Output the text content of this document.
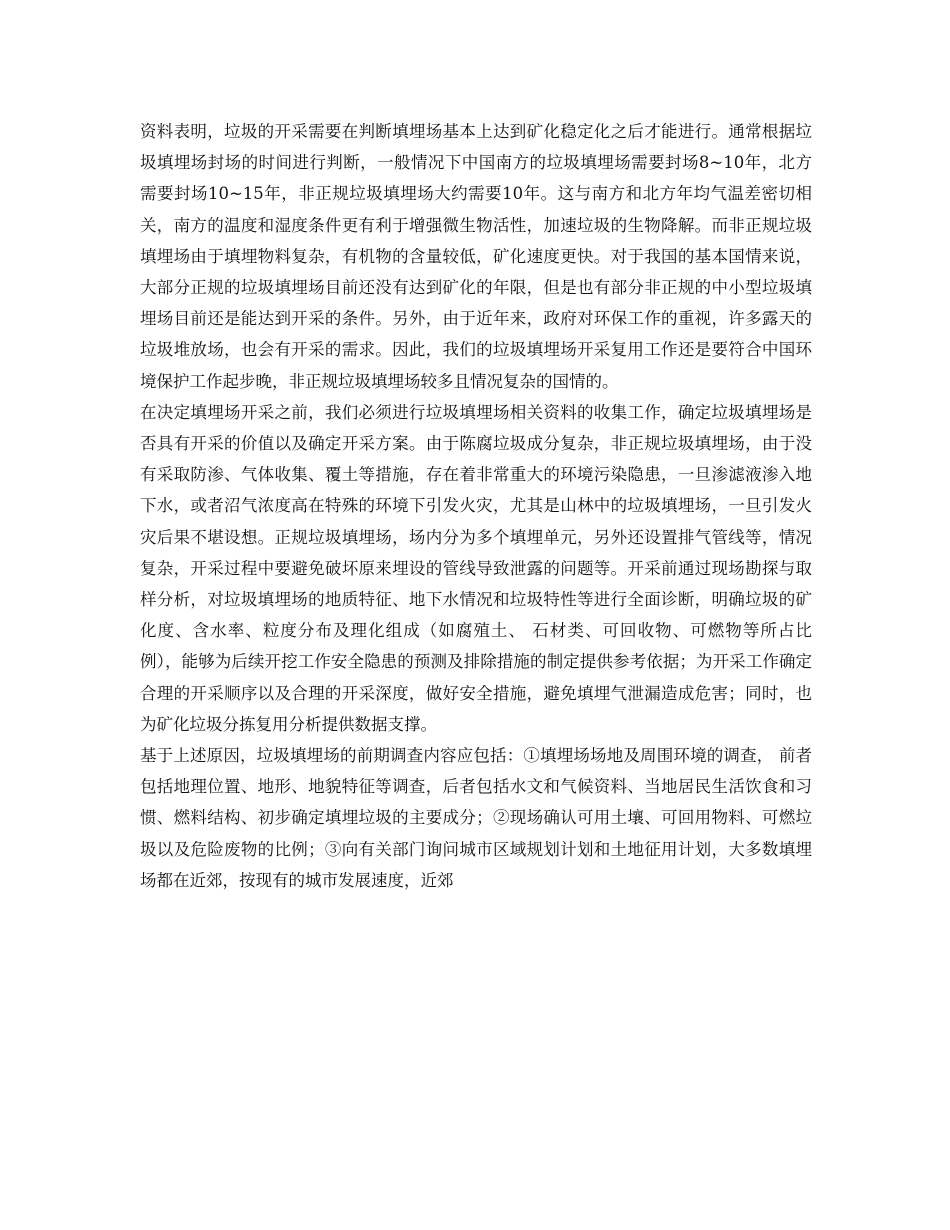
资料表明，垃圾的开采需要在判断填埋场基本上达到矿化稳定化之后才能进行。通常根据垃圾填埋场封场的时间进行判断，一般情况下中国南方的垃圾填埋场需要封场8~10年，北方需要封场10~15年，非正规垃圾填埋场大约需要10年。这与南方和北方年均气温差密切相关，南方的温度和湿度条件更有利于增强微生物活性，加速垃圾的生物降解。而非正规垃圾填埋场由于填埋物料复杂，有机物的含量较低，矿化速度更快。对于我国的基本国情来说，大部分正规的垃圾填埋场目前还没有达到矿化的年限，但是也有部分非正规的中小型垃圾填埋场目前还是能达到开采的条件。另外，由于近年来，政府对环保工作的重视，许多露天的垃圾堆放场，也会有开采的需求。因此，我们的垃圾填埋场开采复用工作还是要符合中国环境保护工作起步晚，非正规垃圾填埋场较多且情况复杂的国情的。

在决定填埋场开采之前，我们必须进行垃圾填埋场相关资料的收集工作，确定垃圾填埋场是否具有开采的价值以及确定开采方案。由于陈腐垃圾成分复杂，非正规垃圾填埋场，由于没有采取防渗、气体收集、覆土等措施，存在着非常重大的环境污染隐患，一旦渗滤液渗入地下水，或者沼气浓度高在特殊的环境下引发火灾，尤其是山林中的垃圾填埋场，一旦引发火灾后果不堪设想。正规垃圾填埋场，场内分为多个填埋单元，另外还设置排气管线等，情况复杂，开采过程中要避免破坏原来埋设的管线导致泄露的问题等。开采前通过现场勘探与取样分析，对垃圾填埋场的地质特征、地下水情况和垃圾特性等进行全面诊断，明确垃圾的矿化度、含水率、粒度分布及理化组成（如腐殖土、 石材类、可回收物、可燃物等所占比例），能够为后续开挖工作安全隐患的预测及排除措施的制定提供参考依据；为开采工作确定合理的开采顺序以及合理的开采深度，做好安全措施，避免填埋气泄漏造成危害；同时，也为矿化垃圾分拣复用分析提供数据支撑。

基于上述原因，垃圾填埋场的前期调查内容应包括：①填埋场场地及周围环境的调查， 前者包括地理位置、地形、地貌特征等调查，后者包括水文和气候资料、当地居民生活饮食和习惯、燃料结构、初步确定填埋垃圾的主要成分；②现场确认可用土壤、可回用物料、可燃垃圾以及危险废物的比例；③向有关部门询问城市区域规划计划和土地征用计划，大多数填埋场都在近郊，按现有的城市发展速度，近郊
